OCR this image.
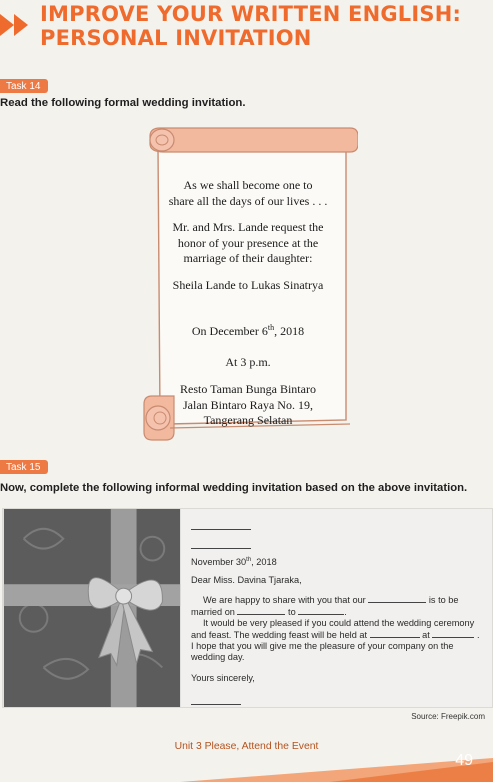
IMPROVE YOUR WRITTEN ENGLISH:
PERSONAL INVITATION
Task 14
Read the following formal wedding invitation.

As we shall become one to
share all the days of our lives . . .

Mr. and Mrs. Lande request the
honor of your presence at the
marriage of their daughter:

Sheila Lande to Lukas Sinatrya

On December 6th, 2018

At 3 p.m.

Resto Taman Bunga Bintaro
Jalan Bintaro Raya No. 19,
Tangerang Selatan

Task 15
Now, complete the following informal wedding invitation based on the above invitation.

November 30th, 2018

Dear Miss. Davina Tjaraka,

We are happy to share with you that our	is to be

married on	to	.

It would be very pleased if you could attend the wedding ceremony

and feast. The wedding feast will be held at	at	.

I hope that you will give me the pleasure of your company on the wedding day.

Yours sincerely,

Source: Freepik.com
Unit 3 Please, Attend the Event
49
